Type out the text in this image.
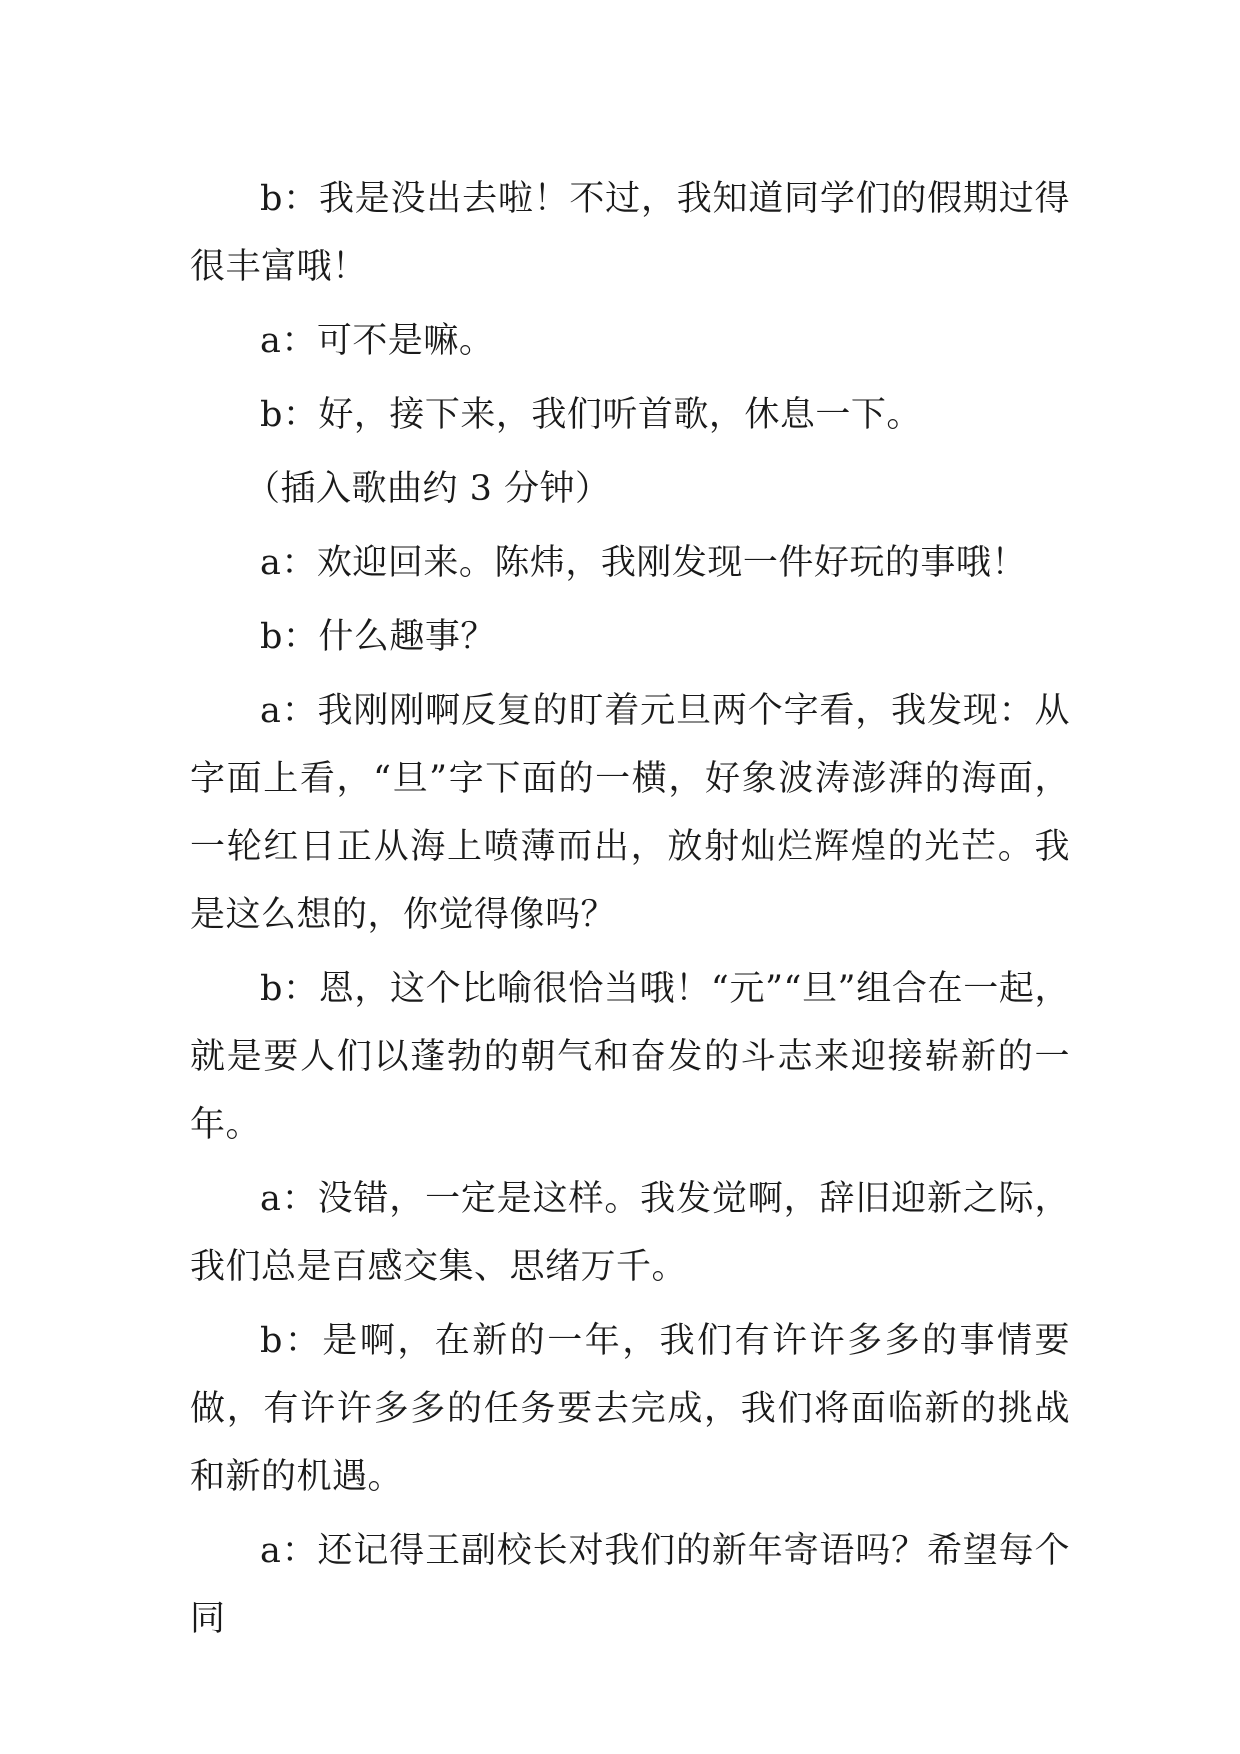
b：我是没出去啦！不过，我知道同学们的假期过得很丰富哦！

a：可不是嘛。

b：好，接下来，我们听首歌，休息一下。

（插入歌曲约 3 分钟）

a：欢迎回来。陈炜，我刚发现一件好玩的事哦！

b：什么趣事？

a：我刚刚啊反复的盯着元旦两个字看，我发现：从字面上看，“旦”字下面的一横，好象波涛澎湃的海面，一轮红日正从海上喷薄而出，放射灿烂辉煌的光芒。我是这么想的，你觉得像吗？

b：恩，这个比喻很恰当哦！“元”“旦”组合在一起，就是要人们以蓬勃的朝气和奋发的斗志来迎接崭新的一年。

a：没错，一定是这样。我发觉啊，辞旧迎新之际，我们总是百感交集、思绪万千。

b：是啊，在新的一年，我们有许许多多的事情要做，有许许多多的任务要去完成，我们将面临新的挑战和新的机遇。

a：还记得王副校长对我们的新年寄语吗？希望每个同
